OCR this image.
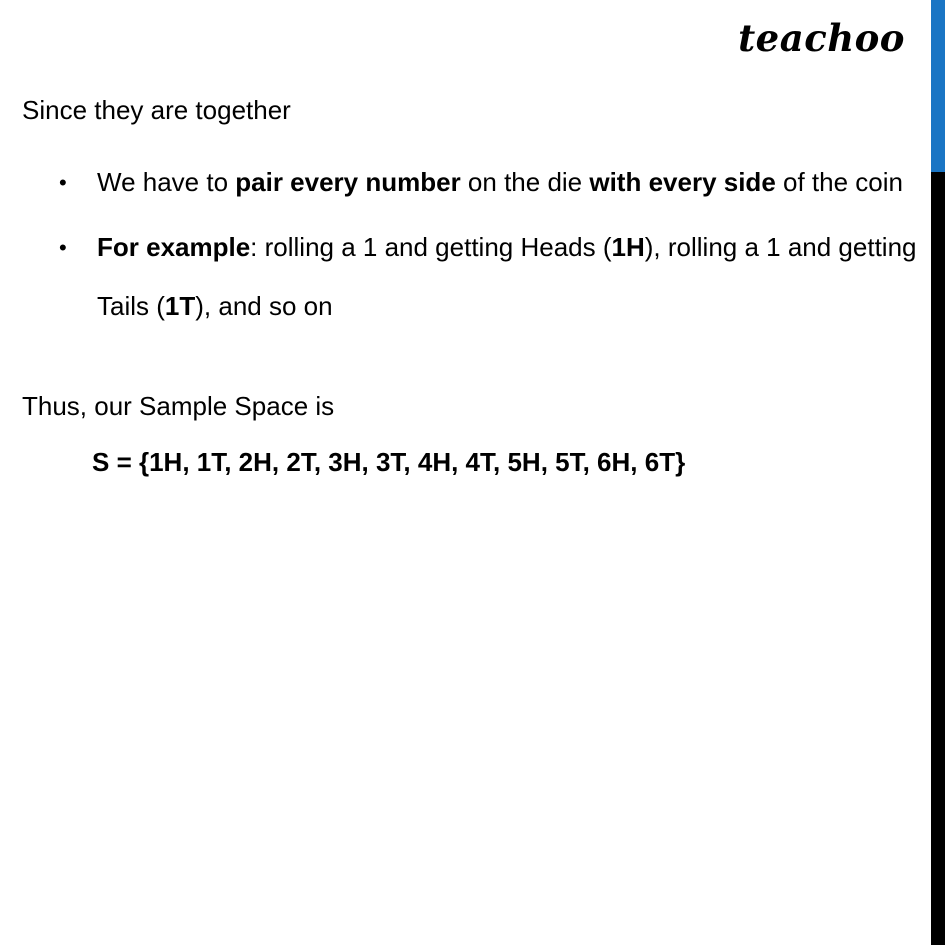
teachoo

Since they are together

• We have to pair every number on the die with every side of the coin
• For example: rolling a 1 and getting Heads (1H), rolling a 1 and getting Tails (1T), and so on

Thus, our Sample Space is

S = {1H, 1T, 2H, 2T, 3H, 3T, 4H, 4T, 5H, 5T, 6H, 6T}
